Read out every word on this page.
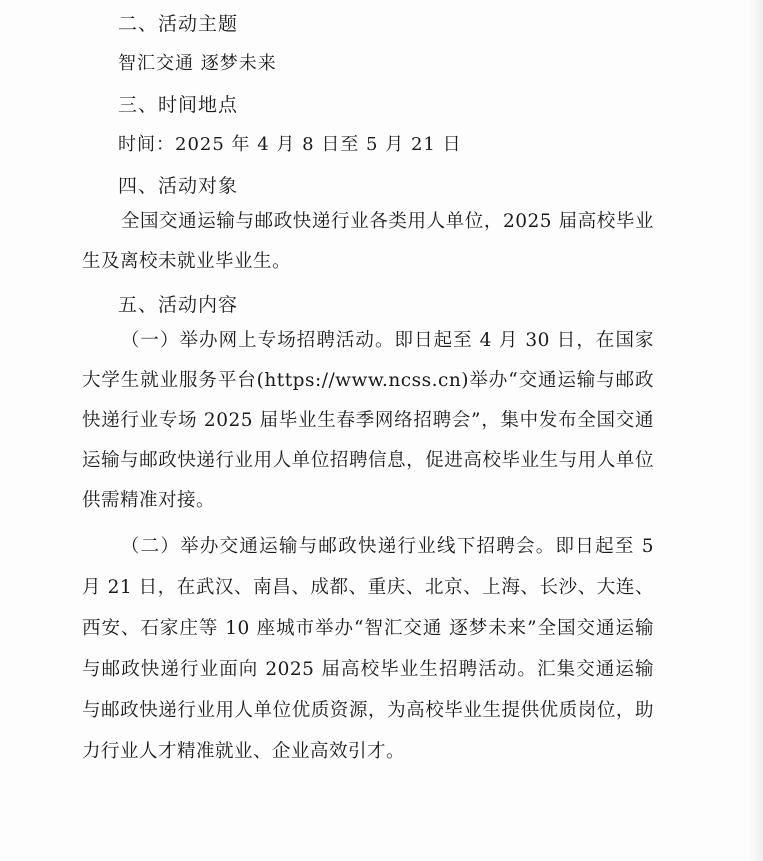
二、活动主题
智汇交通 逐梦未来
三、时间地点
时间：2025 年 4 月 8 日至 5 月 21 日
四、活动对象
全国交通运输与邮政快递行业各类用人单位，2025 届高校毕业生及离校未就业毕业生。
五、活动内容
（一）举办网上专场招聘活动。即日起至 4 月 30 日，在国家大学生就业服务平台(https://www.ncss.cn)举办“交通运输与邮政快递行业专场 2025 届毕业生春季网络招聘会”，集中发布全国交通运输与邮政快递行业用人单位招聘信息，促进高校毕业生与用人单位供需精准对接。
（二）举办交通运输与邮政快递行业线下招聘会。即日起至 5 月 21 日，在武汉、南昌、成都、重庆、北京、上海、长沙、大连、西安、石家庄等 10 座城市举办“智汇交通 逐梦未来”全国交通运输与邮政快递行业面向 2025 届高校毕业生招聘活动。汇集交通运输与邮政快递行业用人单位优质资源，为高校毕业生提供优质岗位，助力行业人才精准就业、企业高效引才。
